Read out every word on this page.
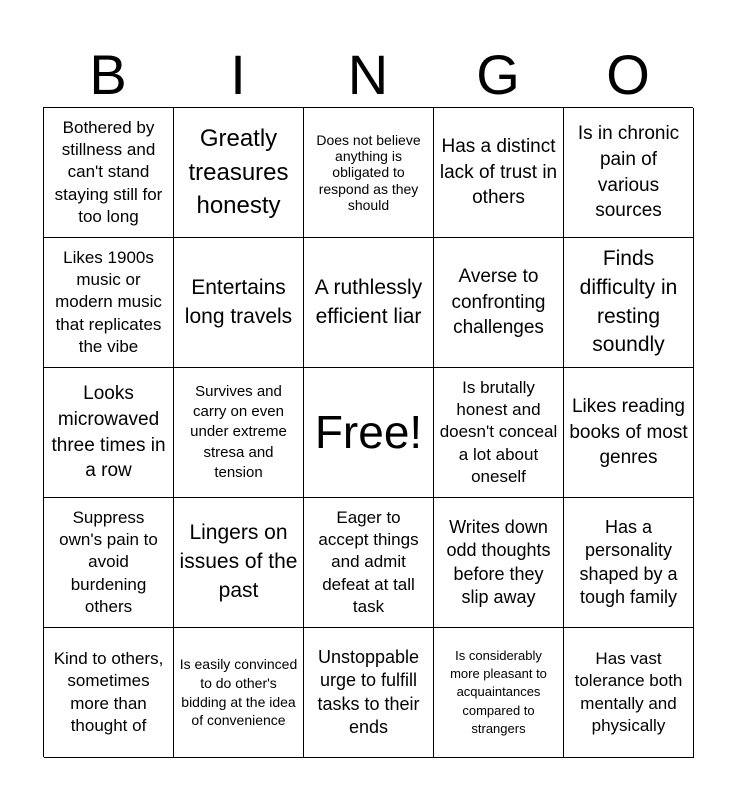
B	I	N	G	O
Bothered by stillness and can't stand staying still for too long
Greatly treasures honesty
Does not believe anything is obligated to respond as they should
Has a distinct lack of trust in others
Is in chronic pain of various sources
Likes 1900s music or modern music that replicates the vibe
Entertains long travels
A ruthlessly efficient liar
Averse to confronting challenges
Finds difficulty in resting soundly
Looks microwaved three times in a row
Survives and carry on even under extreme stresa and tension
Free!
Is brutally honest and doesn't conceal a lot about oneself
Likes reading books of most genres
Suppress own's pain to avoid burdening others
Lingers on issues of the past
Eager to accept things and admit defeat at tall task
Writes down odd thoughts before they slip away
Has a personality shaped by a tough family
Kind to others, sometimes more than thought of
Is easily convinced to do other's bidding at the idea of convenience
Unstoppable urge to fulfill tasks to their ends
Is considerably more pleasant to acquaintances compared to strangers
Has vast tolerance both mentally and physically
